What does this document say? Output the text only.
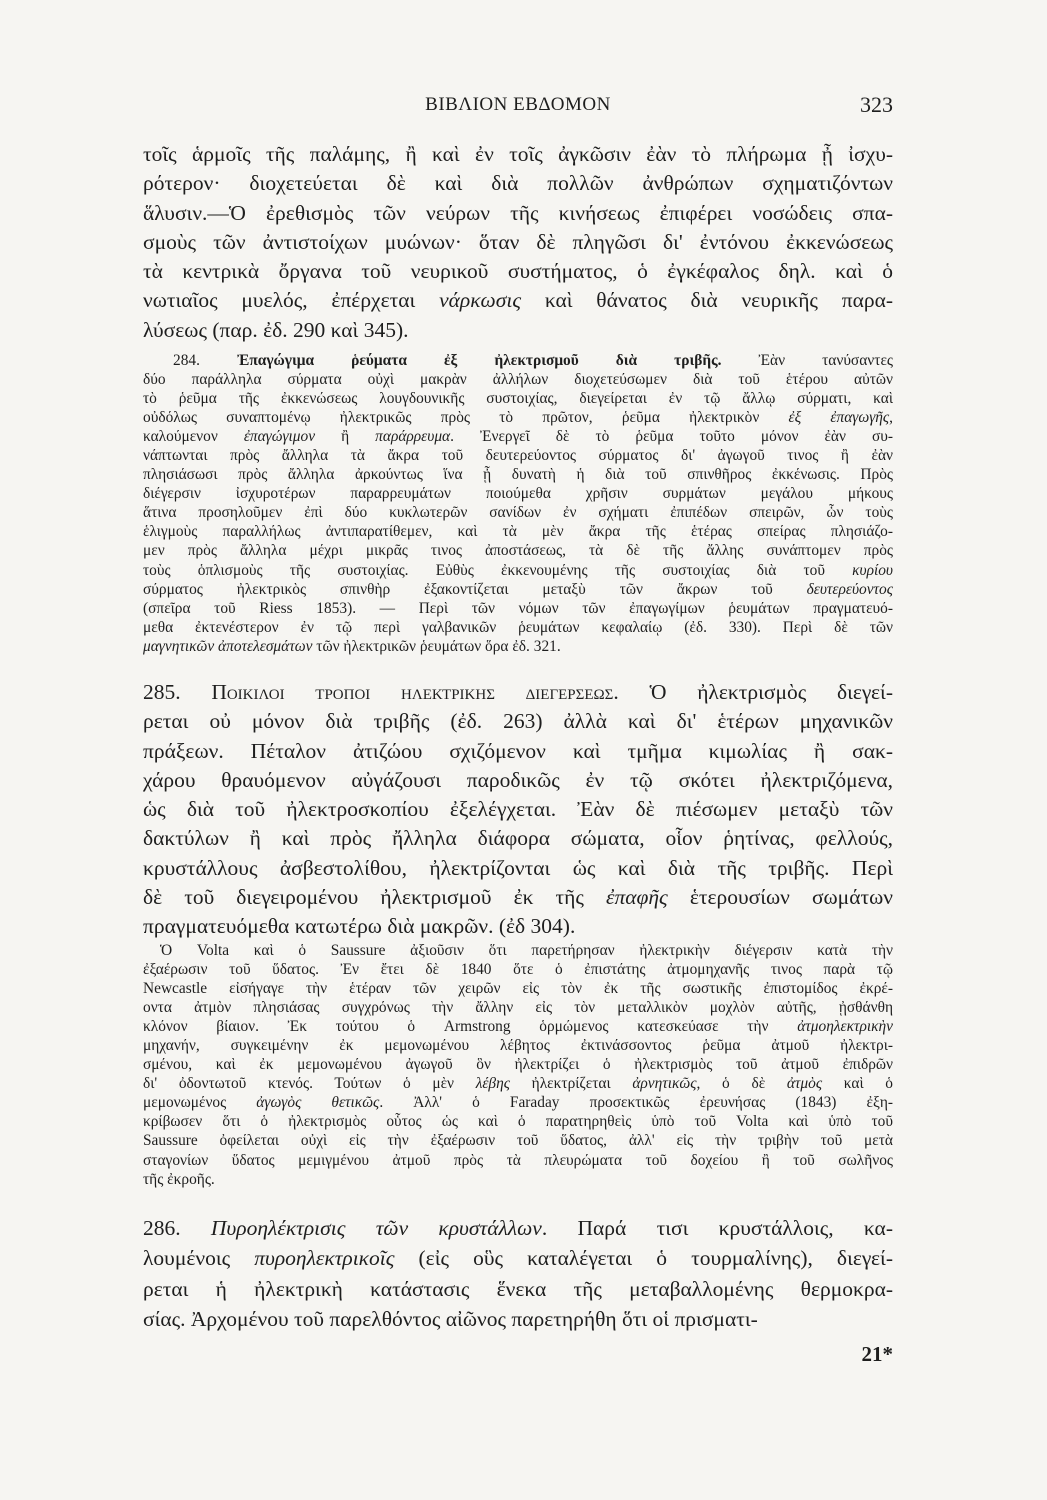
ΒΙΒΛΙΟΝ ΕΒΔΟΜΟΝ	323
τοῖς ἁρμοῖς τῆς παλάμης, ἢ καὶ ἐν τοῖς ἀγκῶσιν ἐὰν τὸ πλήρωμα ᾖ ἰσχυ-
ρότερον· διοχετεύεται δὲ καὶ διὰ πολλῶν ἀνθρώπων σχηματιζόντων
ἅλυσιν.—Ὁ ἐρεθισμὸς τῶν νεύρων τῆς κινήσεως ἐπιφέρει νοσώδεις σπα-
σμοὺς τῶν ἀντιστοίχων μυώνων· ὅταν δὲ πληγῶσι δι' ἐντόνου ἐκκενώσεως
τὰ κεντρικὰ ὄργανα τοῦ νευρικοῦ συστήματος, ὁ ἐγκέφαλος δηλ. καὶ ὁ
νωτιαῖος μυελός, ἐπέρχεται νάρκωσις καὶ θάνατος διὰ νευρικῆς παρα-
λύσεως (παρ. ἐδ. 290 καὶ 345).
284. Ἐπαγώγιμα ῥεύματα ἐξ ἠλεκτρισμοῦ διὰ τριβῆς. Ἐὰν τανύσαντες
δύο παράλληλα σύρματα οὐχὶ μακρὰν ἀλλήλων διοχετεύσωμεν διὰ τοῦ ἑτέρου αὐτῶν
τὸ ῥεῦμα τῆς ἐκκενώσεως λουγδουνικῆς συστοιχίας, διεγείρεται ἐν τῷ ἄλλῳ σύρματι, καὶ
οὐδόλως συναπτομένῳ ἠλεκτρικῶς πρὸς τὸ πρῶτον, ῥεῦμα ἠλεκτρικὸν ἐξ ἐπαγωγῆς,
καλούμενον ἐπαγώγιμον ἢ παράρρευμα. Ἐνεργεῖ δὲ τὸ ῥεῦμα τοῦτο μόνον ἐὰν συ-
νάπτωνται πρὸς ἄλληλα τὰ ἄκρα τοῦ δευτερεύοντος σύρματος δι' ἀγωγοῦ τινος ἢ ἐὰν
πλησιάσωσι πρὸς ἄλληλα ἀρκούντως ἵνα ᾖ δυνατὴ ἡ διὰ τοῦ σπινθῆρος ἐκκένωσις. Πρὸς
διέγερσιν ἰσχυροτέρων παραρρευμάτων ποιούμεθα χρῆσιν συρμάτων μεγάλου μήκους
ἅτινα προσηλοῦμεν ἐπὶ δύο κυκλωτερῶν σανίδων ἐν σχήματι ἐπιπέδων σπειρῶν, ὧν τοὺς
ἑλιγμοὺς παραλλήλως ἀντιπαρατίθεμεν, καὶ τὰ μὲν ἄκρα τῆς ἑτέρας σπείρας πλησιάζο-
μεν πρὸς ἄλληλα μέχρι μικρᾶς τινος ἀποστάσεως, τὰ δὲ τῆς ἄλλης συνάπτομεν πρὸς
τοὺς ὁπλισμοὺς τῆς συστοιχίας. Εὐθὺς ἐκκενουμένης τῆς συστοιχίας διὰ τοῦ κυρίου
σύρματος ἠλεκτρικὸς σπινθὴρ ἐξακοντίζεται μεταξὺ τῶν ἄκρων τοῦ δευτερεύοντος
(σπεῖρα τοῦ Riess 1853). — Περὶ τῶν νόμων τῶν ἐπαγωγίμων ῥευμάτων πραγματευό-
μεθα ἐκτενέστερον ἐν τῷ περὶ γαλβανικῶν ῥευμάτων κεφαλαίῳ (ἐδ. 330). Περὶ δὲ τῶν
μαγνητικῶν ἀποτελεσμάτων τῶν ἠλεκτρικῶν ῥευμάτων ὅρα ἐδ. 321.
285. Ποικιλοι τροποι ηλεκτρικης διεγερσεως. Ὁ ἠλεκτρισμὸς διεγεί-
ρεται οὐ μόνον διὰ τριβῆς (ἐδ. 263) ἀλλὰ καὶ δι' ἑτέρων μηχανικῶν
πράξεων. Πέταλον ἀτιζώου σχιζόμενον καὶ τμῆμα κιμωλίας ἢ σακ-
χάρου θραυόμενον αὐγάζουσι παροδικῶς ἐν τῷ σκότει ἠλεκτριζόμενα,
ὡς διὰ τοῦ ἠλεκτροσκοπίου ἐξελέγχεται. Ἐὰν δὲ πιέσωμεν μεταξὺ τῶν
δακτύλων ἢ καὶ πρὸς ἤλληλα διάφορα σώματα, οἷον ῥητίνας, φελλούς,
κρυστάλλους ἀσβεστολίθου, ἠλεκτρίζονται ὡς καὶ διὰ τῆς τριβῆς. Περὶ
δὲ τοῦ διεγειρομένου ἠλεκτρισμοῦ ἐκ τῆς ἐπαφῆς ἑτερουσίων σωμάτων
πραγματευόμεθα κατωτέρω διὰ μακρῶν. (ἐδ 304).
Ὁ Volta καὶ ὁ Saussure ἀξιοῦσιν ὅτι παρετήρησαν ἠλεκτρικὴν διέγερσιν κατὰ τὴν
ἐξαέρωσιν τοῦ ὕδατος. Ἐν ἔτει δὲ 1840 ὅτε ὁ ἐπιστάτης ἀτμομηχανῆς τινος παρὰ τῷ
Newcastle εἰσήγαγε τὴν ἑτέραν τῶν χειρῶν εἰς τὸν ἐκ τῆς σωστικῆς ἐπιστομίδος ἐκρέ-
οντα ἀτμὸν πλησιάσας συγχρόνως τὴν ἄλλην εἰς τὸν μεταλλικὸν μοχλὸν αὐτῆς, ᾐσθάνθη
κλόνον βίαιον. Ἐκ τούτου ὁ Armstrong ὁρμώμενος κατεσκεύασε τὴν ἀτμοηλεκτρικὴν
μηχανήν, συγκειμένην ἐκ μεμονωμένου λέβητος ἐκτινάσσοντος ῥεῦμα ἀτμοῦ ἠλεκτρι-
σμένου, καὶ ἐκ μεμονωμένου ἀγωγοῦ ὃν ἠλεκτρίζει ὁ ἠλεκτρισμὸς τοῦ ἀτμοῦ ἐπιδρῶν
δι' ὀδοντωτοῦ κτενός. Τούτων ὁ μὲν λέβης ἠλεκτρίζεται ἀρνητικῶς, ὁ δὲ ἀτμὸς καὶ ὁ
μεμονωμένος ἀγωγὸς θετικῶς. Ἀλλ' ὁ Faraday προσεκτικῶς ἐρευνήσας (1843) ἐξη-
κρίβωσεν ὅτι ὁ ἠλεκτρισμὸς οὗτος ὡς καὶ ὁ παρατηρηθεὶς ὑπὸ τοῦ Volta καὶ ὑπὸ τοῦ
Saussure ὀφείλεται οὐχὶ εἰς τὴν ἐξαέρωσιν τοῦ ὕδατος, ἀλλ' εἰς τὴν τριβὴν τοῦ μετὰ
σταγονίων ὕδατος μεμιγμένου ἀτμοῦ πρὸς τὰ πλευρώματα τοῦ δοχείου ἢ τοῦ σωλῆνος
τῆς ἐκροῆς.
286. Πυροηλέκτρισις τῶν κρυστάλλων. Παρά τισι κρυστάλλοις, κα-
λουμένοις πυροηλεκτρικοῖς (εἰς οὓς καταλέγεται ὁ τουρμαλίνης), διεγεί-
ρεται ἡ ἠλεκτρικὴ κατάστασις ἕνεκα τῆς μεταβαλλομένης θερμοκρα-
σίας. Ἀρχομένου τοῦ παρελθόντος αἰῶνος παρετηρήθη ὅτι οἱ πρισματι-
21*
